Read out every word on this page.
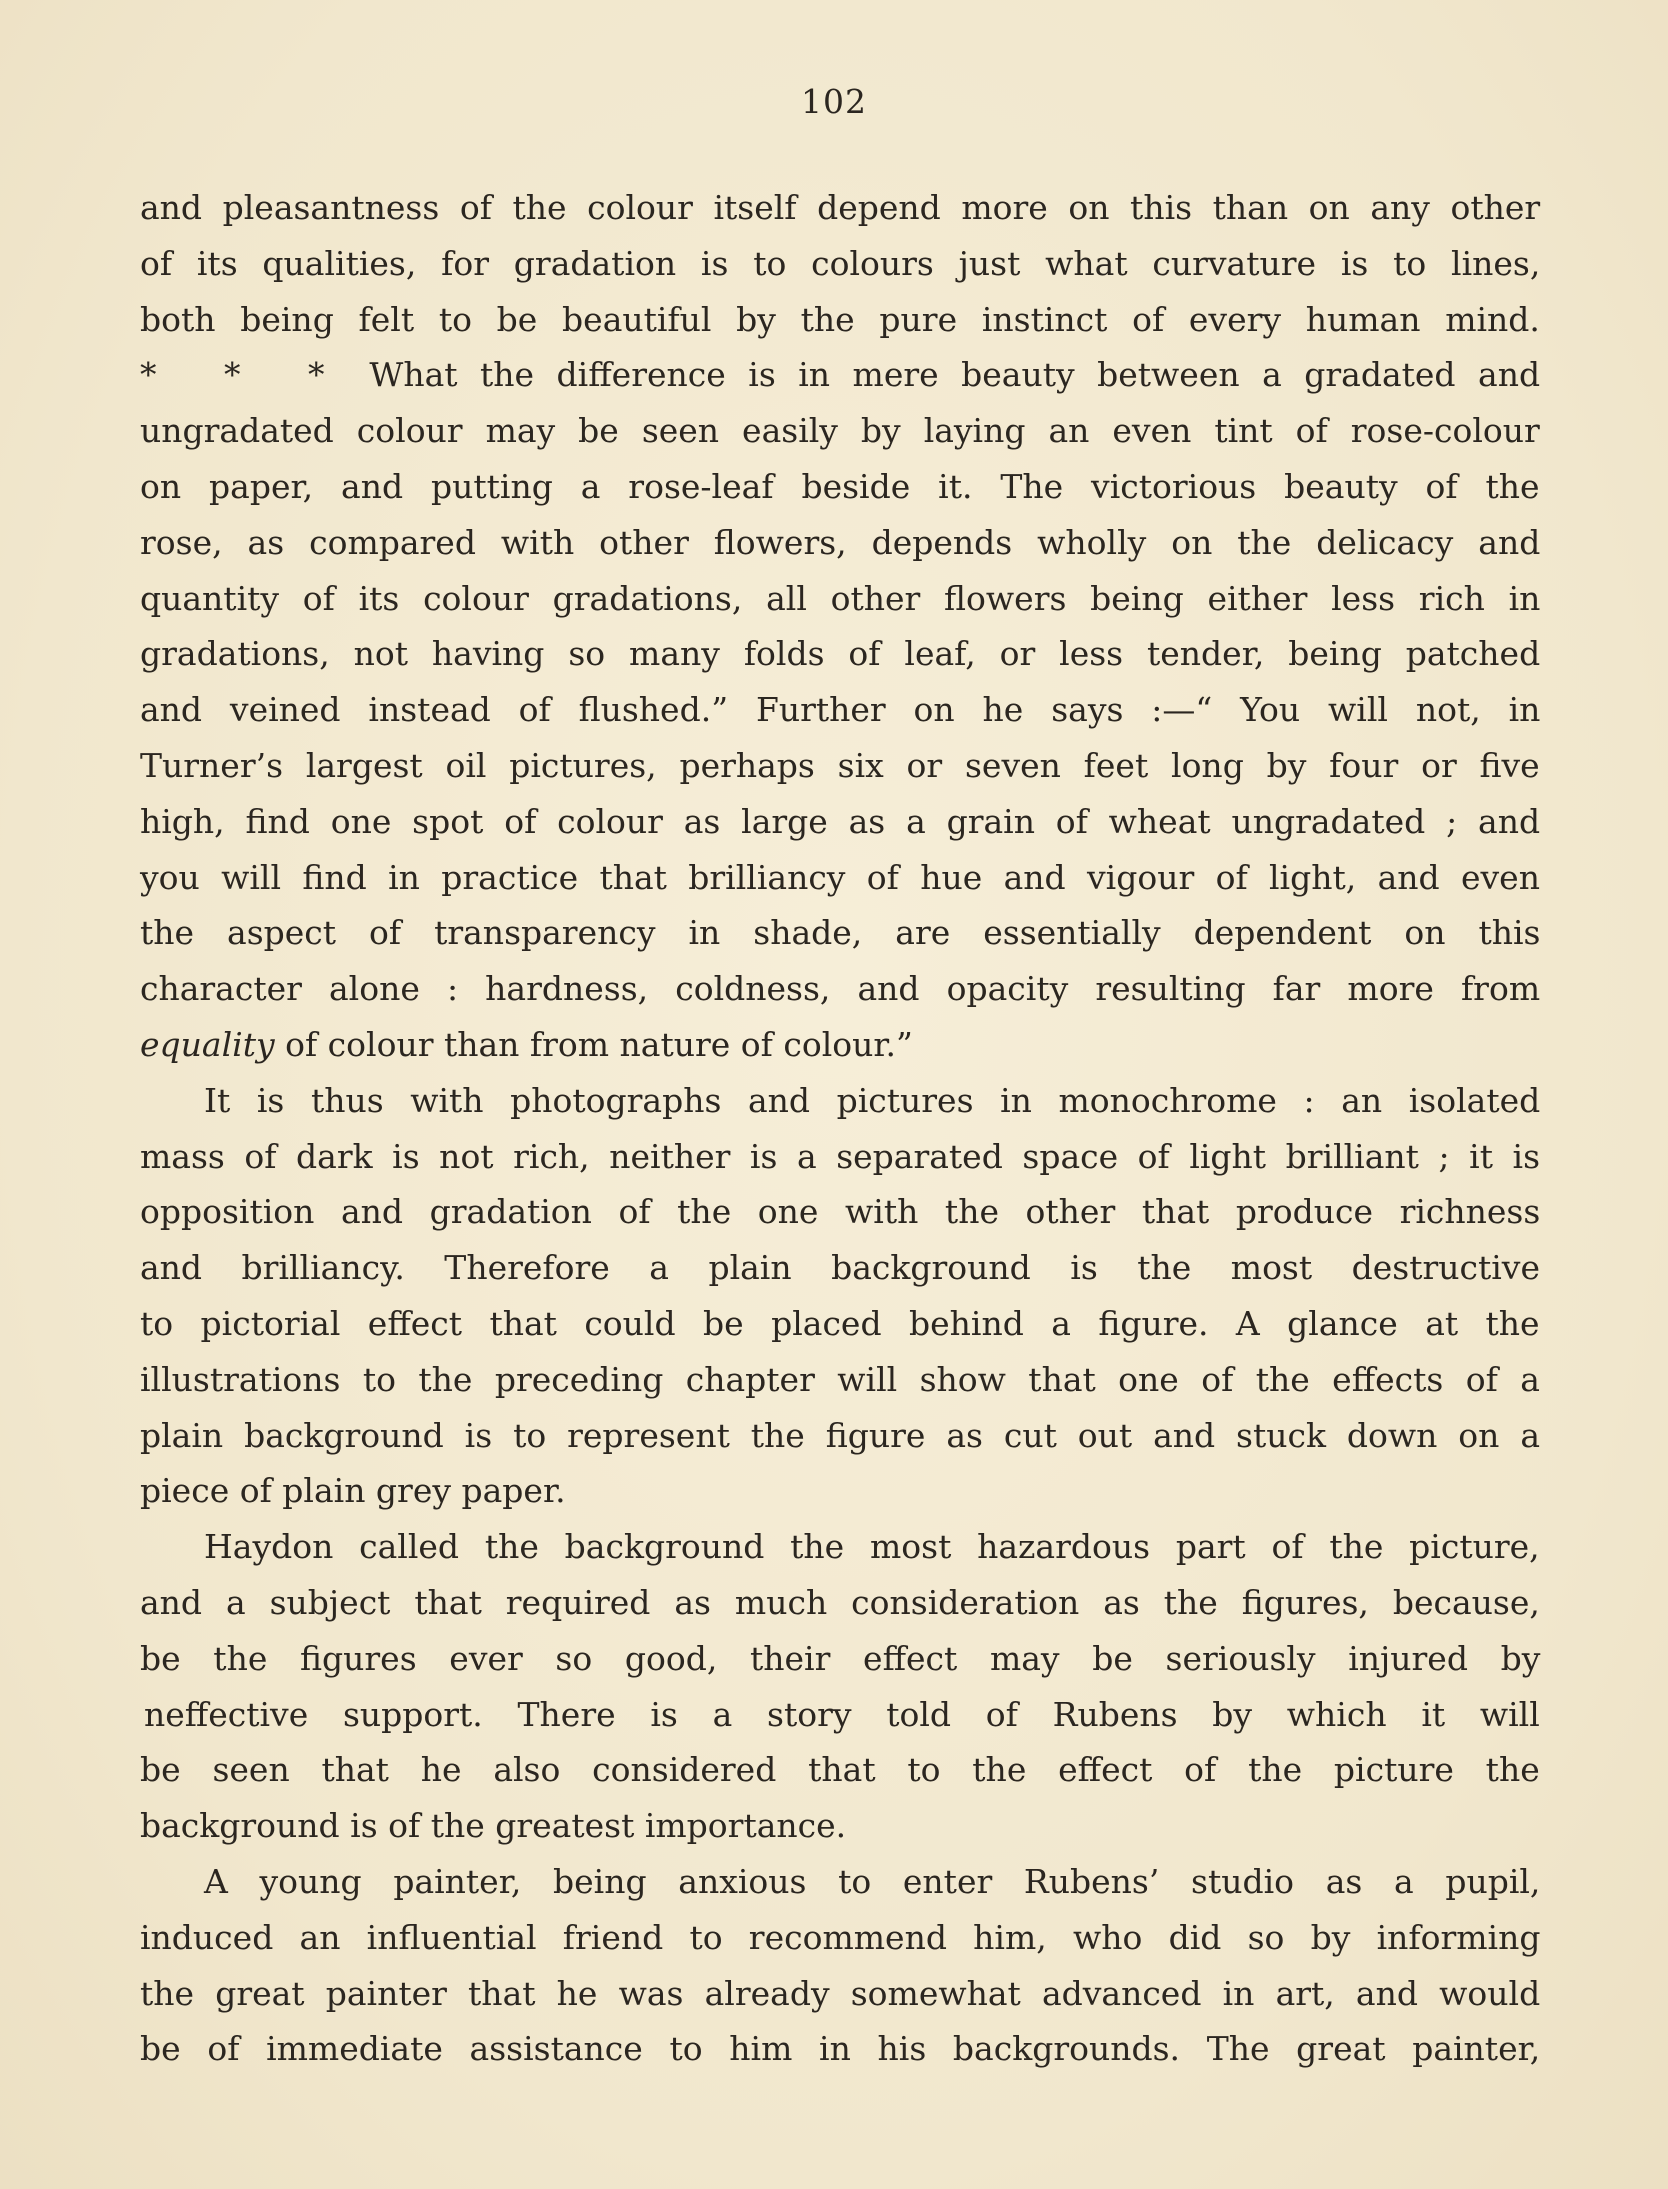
102
and pleasantness of the colour itself depend more on this than on any other
of its qualities, for gradation is to colours just what curvature is to lines,
both being felt to be beautiful by the pure instinct of every human mind.
*   *   *  What the difference is in mere beauty between a gradated and
ungradated colour may be seen easily by laying an even tint of rose-colour
on paper, and putting a rose-leaf beside it. The victorious beauty of the
rose, as compared with other flowers, depends wholly on the delicacy and
quantity of its colour gradations, all other flowers being either less rich in
gradations, not having so many folds of leaf, or less tender, being patched
and veined instead of flushed.” Further on he says :—“ You will not, in
Turner’s largest oil pictures, perhaps six or seven feet long by four or five
high, find one spot of colour as large as a grain of wheat ungradated ; and
you will find in practice that brilliancy of hue and vigour of light, and even
the aspect of transparency in shade, are essentially dependent on this
character alone : hardness, coldness, and opacity resulting far more from
equality of colour than from nature of colour.”
It is thus with photographs and pictures in monochrome : an isolated
mass of dark is not rich, neither is a separated space of light brilliant ; it is
opposition and gradation of the one with the other that produce richness
and brilliancy. Therefore a plain background is the most destructive
to pictorial effect that could be placed behind a figure. A glance at the
illustrations to the preceding chapter will show that one of the effects of a
plain background is to represent the figure as cut out and stuck down on a
piece of plain grey paper.
Haydon called the background the most hazardous part of the picture,
and a subject that required as much consideration as the figures, because,
be the figures ever so good, their effect may be seriously injured by
neffective support. There is a story told of Rubens by which it will
be seen that he also considered that to the effect of the picture the
background is of the greatest importance.
A young painter, being anxious to enter Rubens’ studio as a pupil,
induced an influential friend to recommend him, who did so by informing
the great painter that he was already somewhat advanced in art, and would
be of immediate assistance to him in his backgrounds. The great painter,
